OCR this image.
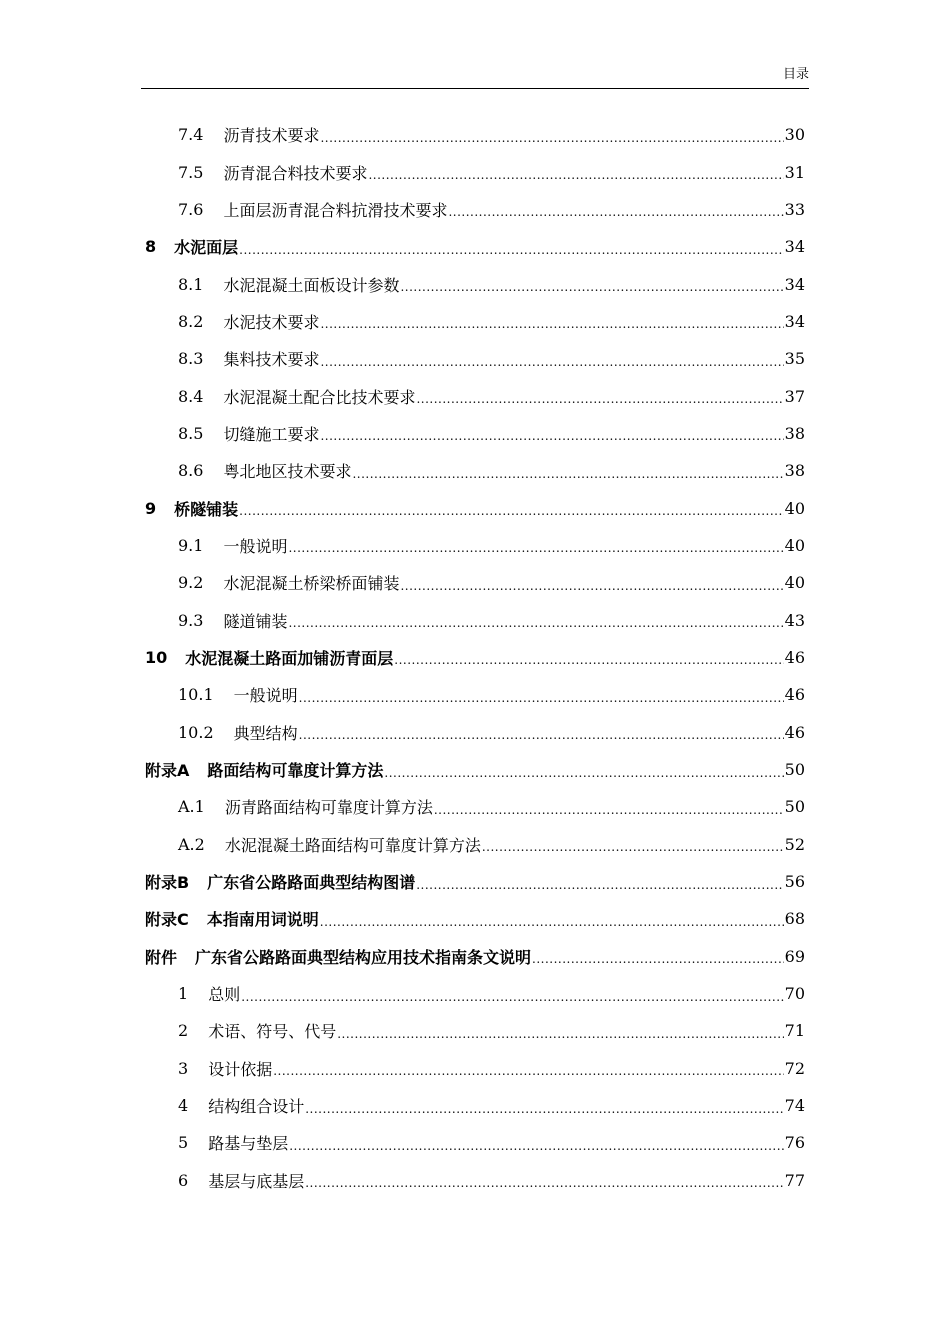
目录
7.4 沥青技术要求 .....	30
7.5 沥青混合料技术要求 .....	31
7.6 上面层沥青混合料抗滑技术要求 .....	33
8 水泥面层 .....	34
8.1 水泥混凝土面板设计参数 .....	34
8.2 水泥技术要求 .....	34
8.3 集料技术要求 .....	35
8.4 水泥混凝土配合比技术要求 .....	37
8.5 切缝施工要求 .....	38
8.6 粤北地区技术要求 .....	38
9 桥隧铺装 .....	40
9.1 一般说明 .....	40
9.2 水泥混凝土桥梁桥面铺装 .....	40
9.3 隧道铺装 .....	43
10 水泥混凝土路面加铺沥青面层 .....	46
10.1 一般说明 .....	46
10.2 典型结构 .....	46
附录A 路面结构可靠度计算方法 .....	50
A.1 沥青路面结构可靠度计算方法 .....	50
A.2 水泥混凝土路面结构可靠度计算方法 .....	52
附录B 广东省公路路面典型结构图谱 .....	56
附录C 本指南用词说明 .....	68
附件 广东省公路路面典型结构应用技术指南条文说明 .....	69
1 总则 .....	70
2 术语、符号、代号 .....	71
3 设计依据 .....	72
4 结构组合设计 .....	74
5 路基与垫层 .....	76
6 基层与底基层 .....	77
